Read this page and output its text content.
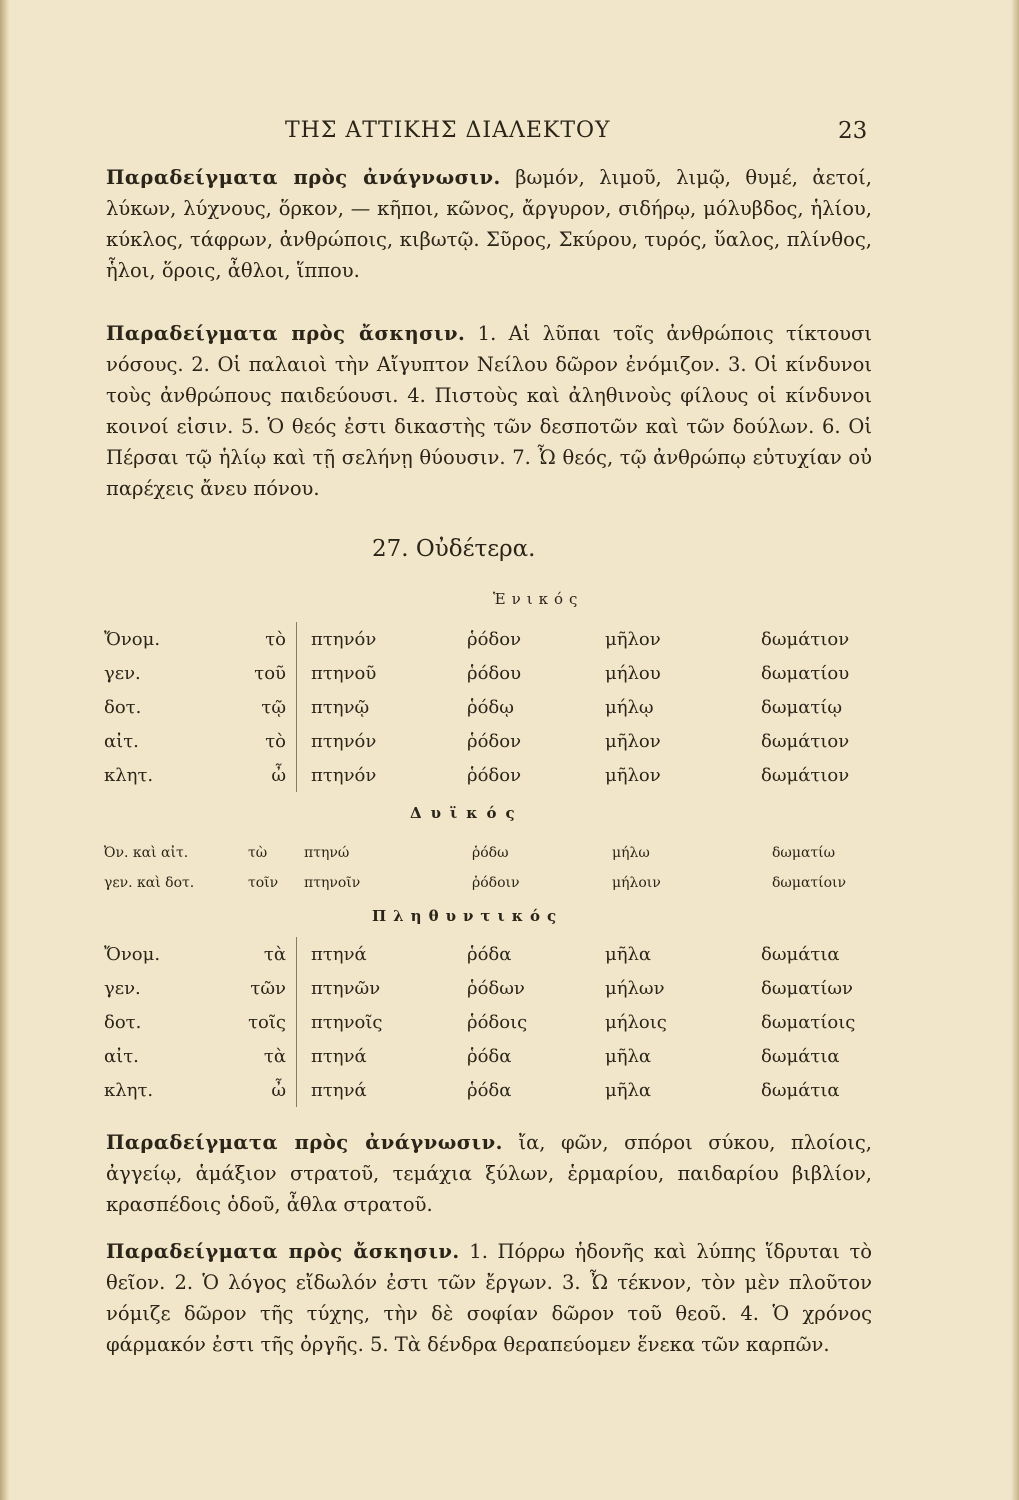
ΤΗΣ ΑΤΤΙΚΗΣ ΔΙΑΛΕΚΤΟΥ	23
Παραδείγματα πρὸς ἀνάγνωσιν. βωμόν, λιμοῦ, λιμῷ, θυμέ, ἀετοί, λύκων, λύχνους, ὅρκον, — κῆποι, κῶνος, ἄργυρον, σιδήρῳ, μόλυβδος, ἡλίου, κύκλος, τάφρων, ἀνθρώποις, κιβωτῷ. Σῦρος, Σκύρου, τυρός, ὕαλος, πλίνθος, ἧλοι, ὅροις, ἆθλοι, ἵππου.
Παραδείγματα πρὸς ἄσκησιν. 1. Αἱ λῦπαι τοῖς ἀνθρώποις τίκτουσι νόσους. 2. Οἱ παλαιοὶ τὴν Αἴγυπτον Νείλου δῶρον ἐνόμιζον. 3. Οἱ κίνδυνοι τοὺς ἀνθρώπους παιδεύουσι. 4. Πιστοὺς καὶ ἀληθινοὺς φίλους οἱ κίνδυνοι κοινοί εἰσιν. 5. Ὁ θεός ἐστι δικαστὴς τῶν δεσποτῶν καὶ τῶν δούλων. 6. Οἱ Πέρσαι τῷ ἡλίῳ καὶ τῇ σελήνῃ θύουσιν. 7. Ὦ θεός, τῷ ἀνθρώπῳ εὐτυχίαν οὐ παρέχεις ἄνευ πόνου.
27. Οὐδέτερα.
Ἑνικός
Ὄνομ.	τὸ	πτηνόν	ῥόδον	μῆλον	δωμάτιον
γεν.	τοῦ	πτηνοῦ	ῥόδου	μήλου	δωματίου
δοτ.	τῷ	πτηνῷ	ῥόδῳ	μήλῳ	δωματίῳ
αἰτ.	τὸ	πτηνόν	ῥόδον	μῆλον	δωμάτιον
κλητ.	ὦ	πτηνόν	ῥόδον	μῆλον	δωμάτιον
Δυϊκός
Ὀν. καὶ αἰτ.	τὼ	πτηνώ	ῥόδω	μήλω	δωματίω
γεν. καὶ δοτ.	τοῖν	πτηνοῖν	ῥόδοιν	μήλοιν	δωματίοιν
Πληθυντικός
Ὄνομ.	τὰ	πτηνά	ῥόδα	μῆλα	δωμάτια
γεν.	τῶν	πτηνῶν	ῥόδων	μήλων	δωματίων
δοτ.	τοῖς	πτηνοῖς	ῥόδοις	μήλοις	δωματίοις
αἰτ.	τὰ	πτηνά	ῥόδα	μῆλα	δωμάτια
κλητ.	ὦ	πτηνά	ῥόδα	μῆλα	δωμάτια
Παραδείγματα πρὸς ἀνάγνωσιν. ἴα, φῶν, σπόροι σύκου, πλοίοις, ἀγγείῳ, ἁμάξιον στρατοῦ, τεμάχια ξύλων, ἑρμαρίου, παιδαρίου βιβλίον, κρασπέδοις ὁδοῦ, ἆθλα στρατοῦ.
Παραδείγματα πρὸς ἄσκησιν. 1. Πόρρω ἡδονῆς καὶ λύπης ἵδρυται τὸ θεῖον. 2. Ὁ λόγος εἴδωλόν ἐστι τῶν ἔργων. 3. Ὦ τέκνον, τὸν μὲν πλοῦτον νόμιζε δῶρον τῆς τύχης, τὴν δὲ σοφίαν δῶρον τοῦ θεοῦ. 4. Ὁ χρόνος φάρμακόν ἐστι τῆς ὀργῆς. 5. Τὰ δένδρα θεραπεύομεν ἕνεκα τῶν καρπῶν.
